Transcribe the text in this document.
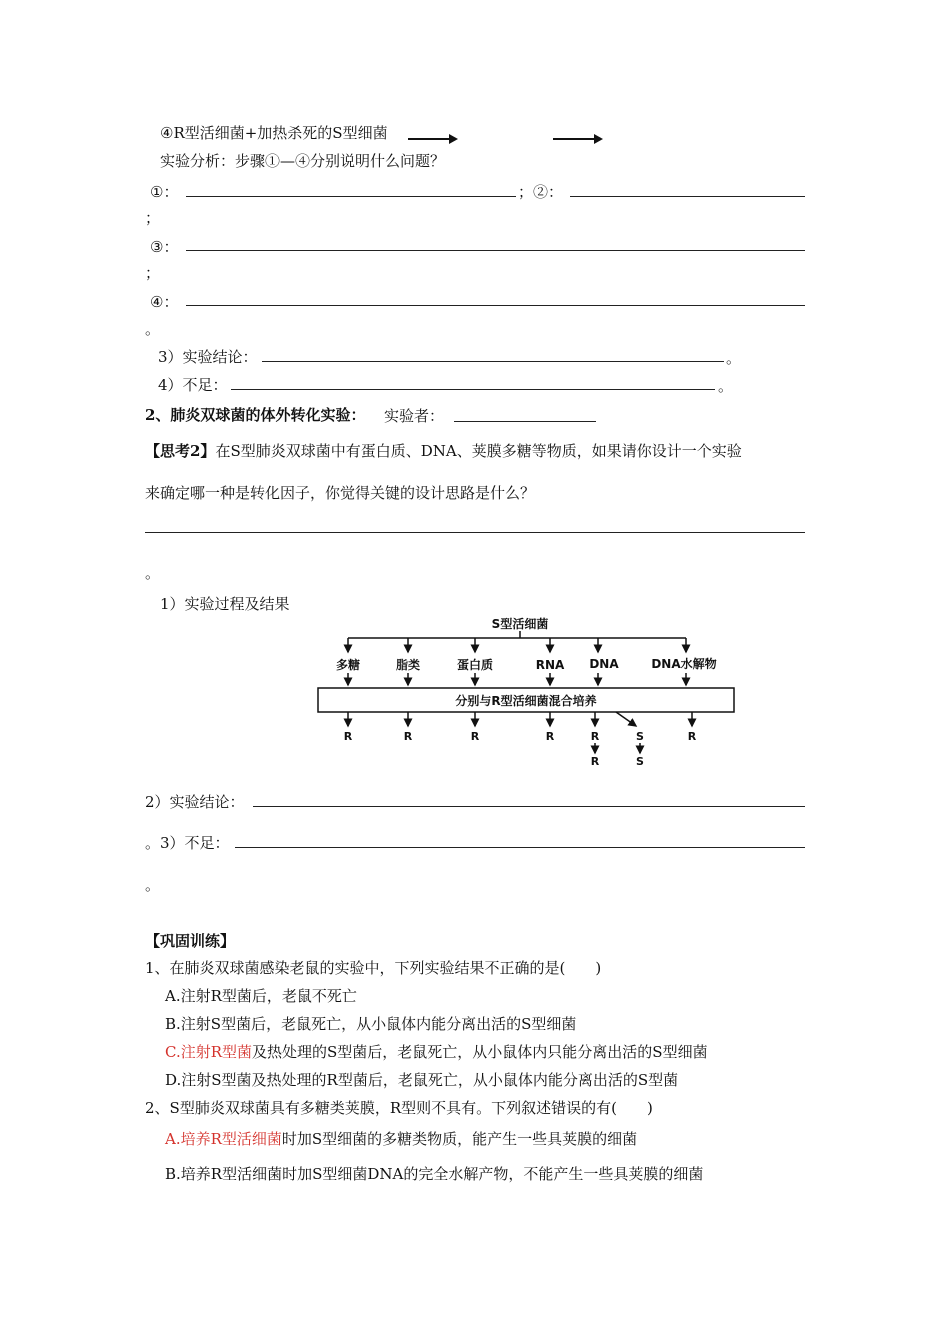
④R型活细菌+加热杀死的S型细菌
实验分析：步骤①—④分别说明什么问题？
①：	；②：
；
③：
；
④：
。
3）实验结论：	。
4）不足：	。
2、肺炎双球菌的体外转化实验： 实验者：
【思考2】在S型肺炎双球菌中有蛋白质、DNA、荚膜多糖等物质，如果请你设计一个实验
来确定哪一种是转化因子，你觉得关键的设计思路是什么？
。
1）实验过程及结果
S型活细菌
多糖	脂类	蛋白质	RNA DNA	DNA水解物
分别与R型活细菌混合培养
R	R	R	R	R	S	R
R	S
2）实验结论：
。3）不足：
。
【巩固训练】
1、在肺炎双球菌感染老鼠的实验中，下列实验结果不正确的是(　　)
A.注射R型菌后，老鼠不死亡
B.注射S型菌后，老鼠死亡，从小鼠体内能分离出活的S型细菌
C.注射R型菌及热处理的S型菌后，老鼠死亡，从小鼠体内只能分离出活的S型细菌
D.注射S型菌及热处理的R型菌后，老鼠死亡，从小鼠体内能分离出活的S型菌
2、S型肺炎双球菌具有多糖类荚膜，R型则不具有。下列叙述错误的有(　　)
A.培养R型活细菌时加S型细菌的多糖类物质，能产生一些具荚膜的细菌
B.培养R型活细菌时加S型细菌DNA的完全水解产物，不能产生一些具荚膜的细菌
